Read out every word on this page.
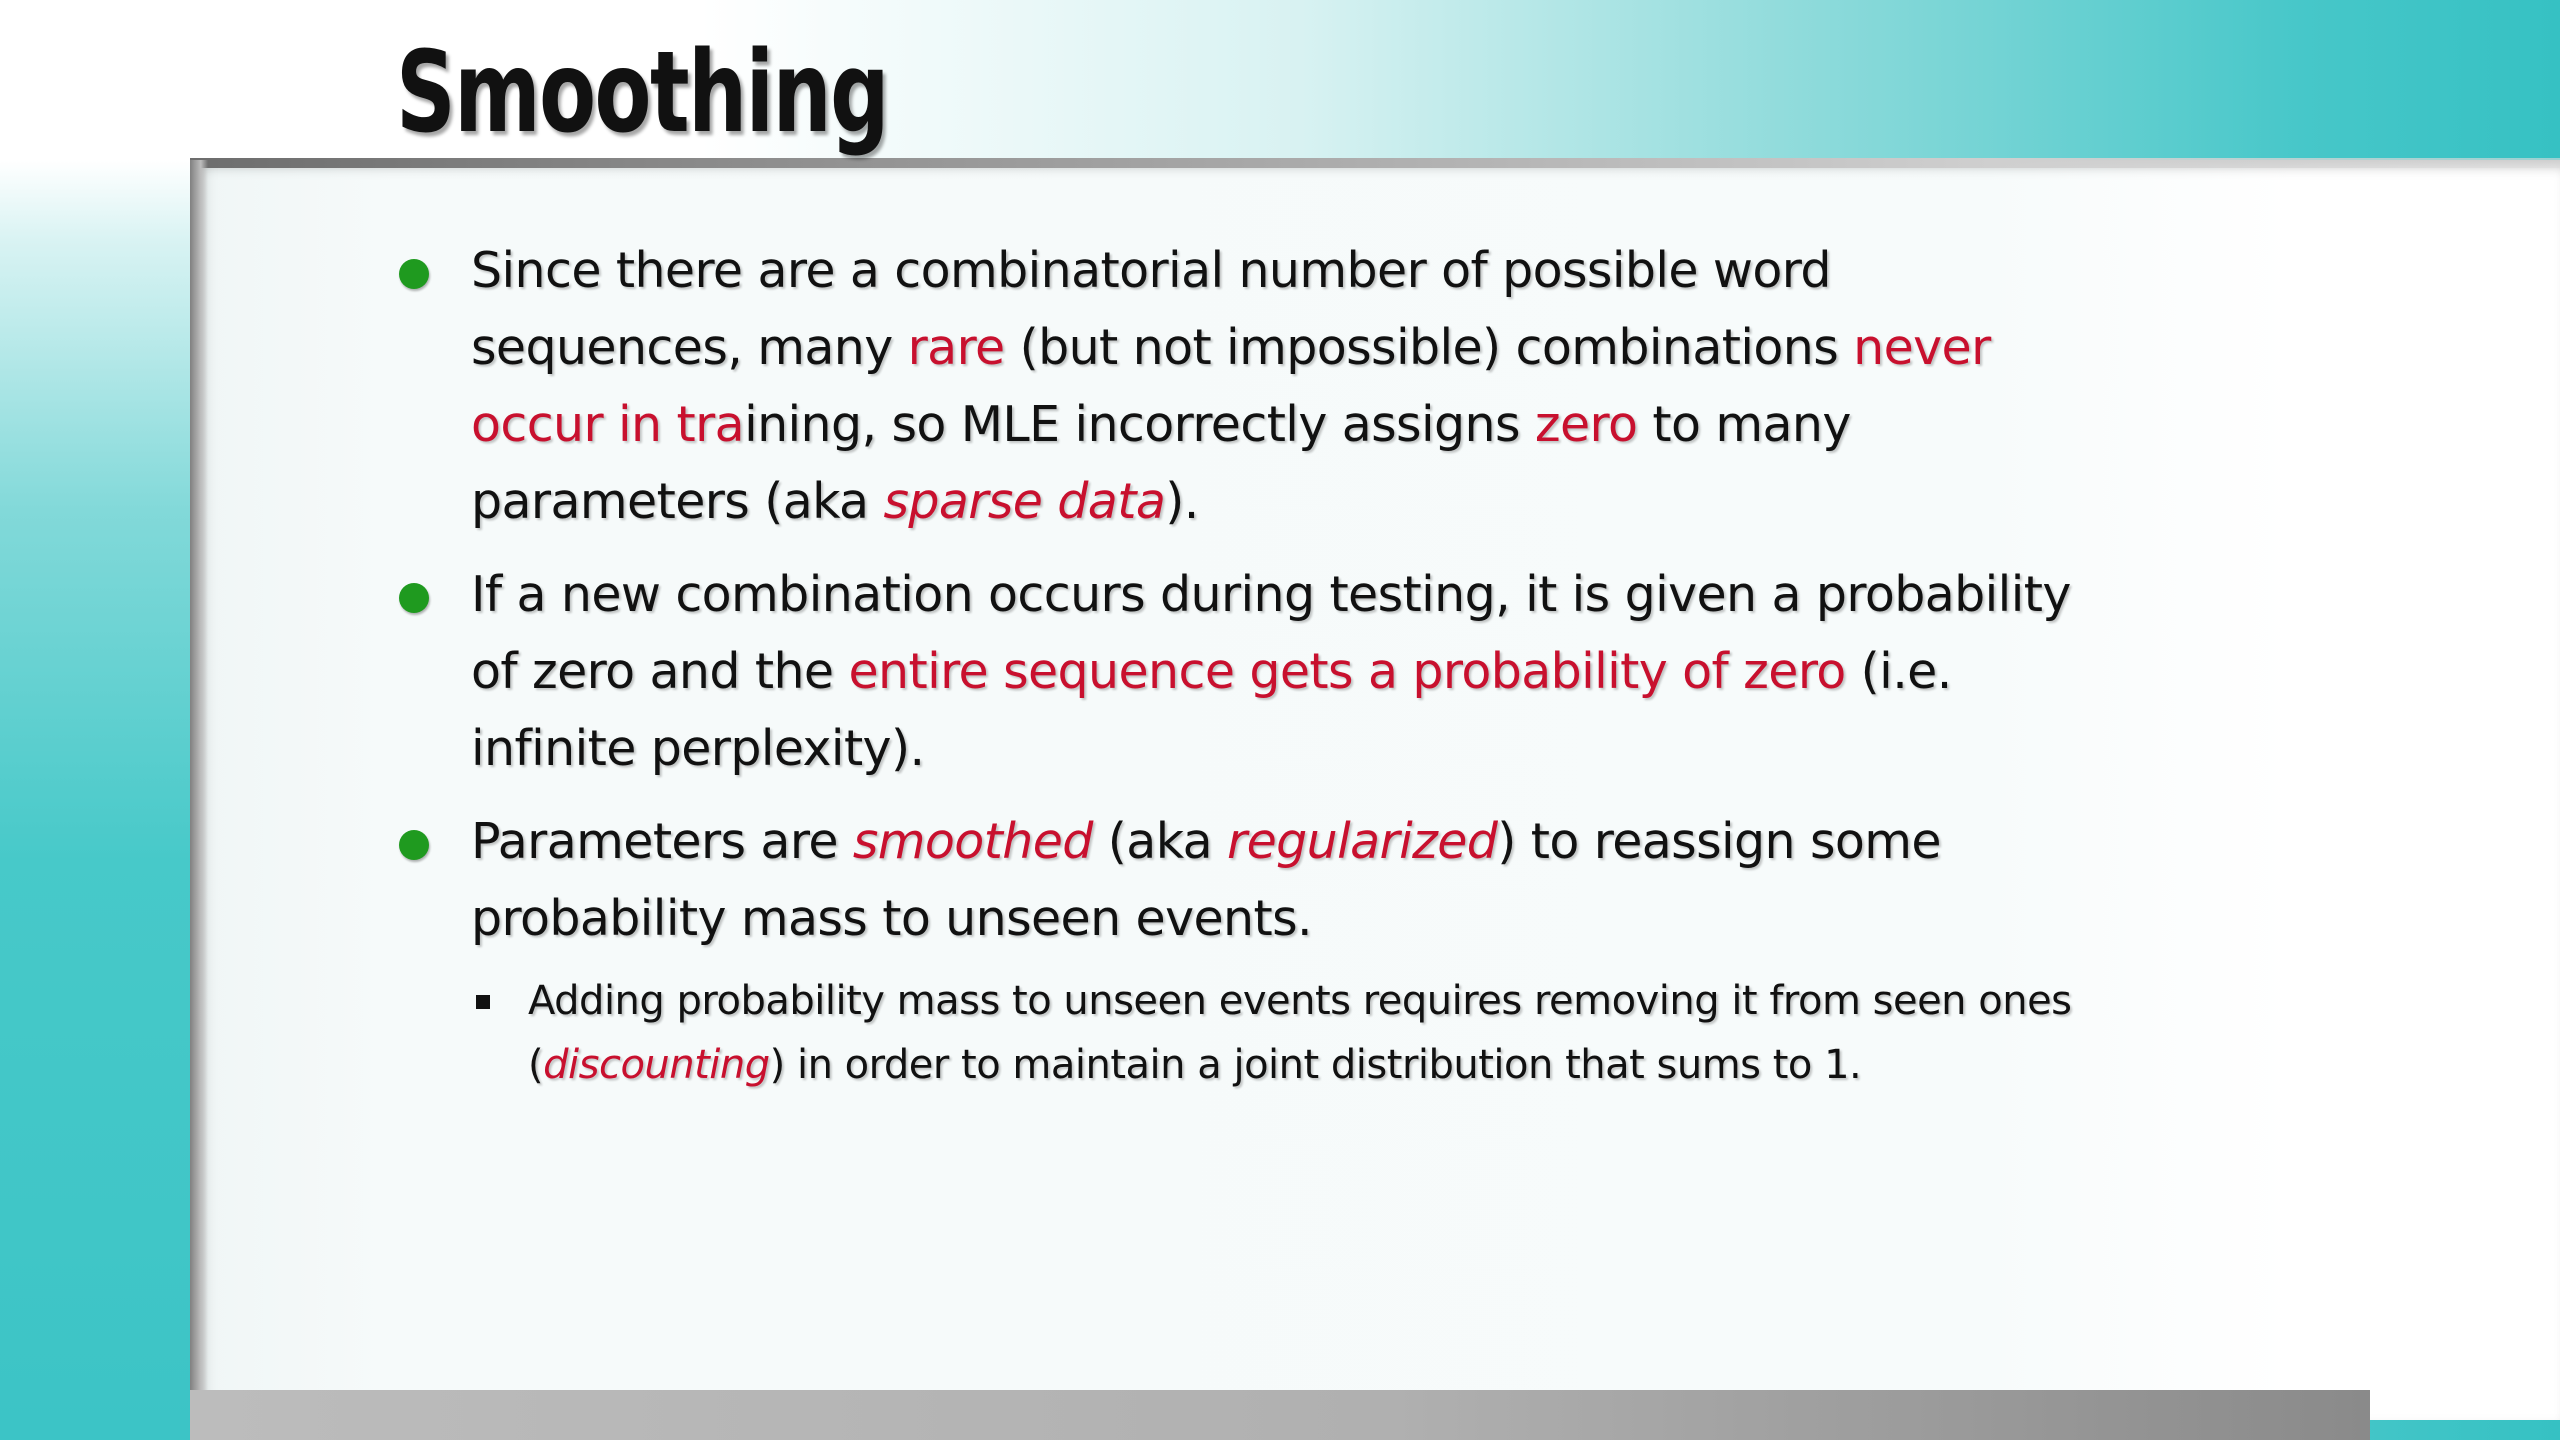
Smoothing
Since there are a combinatorial number of possible word sequences, many rare (but not impossible) combinations never occur in training, so MLE incorrectly assigns zero to many parameters (aka sparse data).
If a new combination occurs during testing, it is given a probability of zero and the entire sequence gets a probability of zero (i.e. infinite perplexity).
Parameters are smoothed (aka regularized) to reassign some probability mass to unseen events.
Adding probability mass to unseen events requires removing it from seen ones (discounting) in order to maintain a joint distribution that sums to 1.
